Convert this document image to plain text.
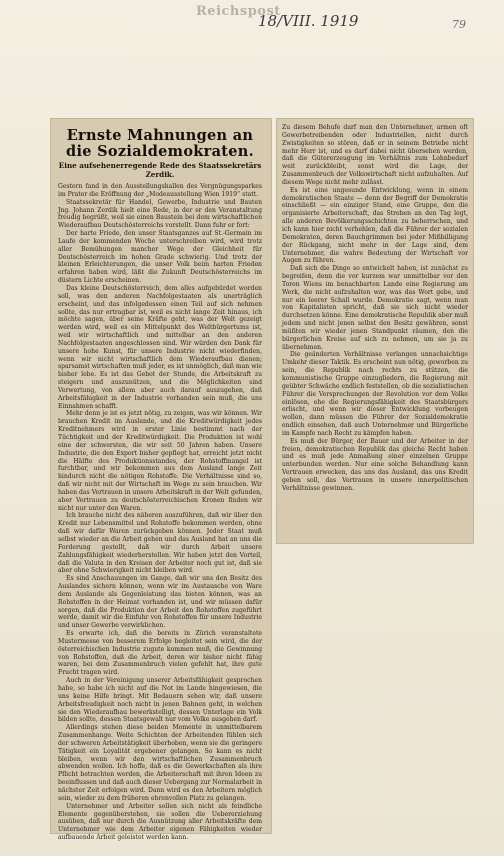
Reichspost
18/VIII. 1919	79
Ernste Mahnungen an die Sozialdemokraten.
Eine aufsehenerregende Rede des Staatssekretärs Zerdik.

Gestern fand in den Ausstellungshallen des Vergnügungsparkes im Prater die Eröffnung der „Modeausstellung Wien 1919“ statt.

Staatssekretär für Handel, Gewerbe, Industrie und Bauten Jng. Johann Zerdik hielt eine Rede, in der er den Veranstaltung freudig begrüßt, weil sie einen Baustein bei dem wirtschaftlichen Wiederaufbau Deutschösterreichs vorstellt. Dann fuhr er fort:

Der harte Friede, den unser Staatsganzes auf St.-Germain im Laufe der kommenden Woche unterschreiben wird, wird trotz aller Bemühungen mancher Wege der Gleichheit für Deutschösterreich im hohen Grade schwierig. Und trotz der kleinen Erleichterungen, die unser Volk beim harten Frieden erfahren haben wird, läßt die Zukunft Deutschösterreichs im düstern Lichte erscheinen.

Das kleine Deutschösterreich, dem alles aufgebürdet worden soll, was den anderen Nachfolgestaaten als unerträglich erscheint, und das infolgedessen einen Teil auf sich nehmen sollte, das nur ertragbar ist, weil es nicht lange Zeit hinaus, ich möchte sagen, über seine Kräfte geht, was der Welt gezeigt werden wird, weil es ein Mittelpunkt des Weltbürgertums ist, weil wir wirtschaftlich und mittelbar an den anderen Nachfolgestaaten angeschlossen sind. Wir würden den Dank für unsere hohe Kunst, für unsere Industrie nicht wiederfinden, wenn wir nicht wirtschaftlich dem Wiederaufbau dienen; sparsamst wirtschaften muß jeder, es ist unmöglich, daß man wie bisher lebe. Es ist das Gebot der Stunde, die Arbeitskraft zu steigern und auszunützen, und die Möglichkeiten sind Verwertung, von allem aber auch darauf auszugehen, daß Arbeitsfähigkeit in der Industrie vorhanden sein muß, die uns Einnahmen schafft.

Mehr denn je ist es jetzt nötig, zu zeigen, was wir können. Wir brauchen Kredit im Auslande, und die Kreditwürdigkeit jedes Kreditnehmers wird in erster Linie bestimmt nach der Tüchtigkeit und der Kreditwürdigkeit. Die Produktion ist wohl eine der schwersten, die wir seit 50 Jahren haben. Unsere Industrie, die den Export bisher gepflegt hat, erreicht jetzt nicht die Hälfte des Produktionsstandes, der Rohstoffmangel ist furchtbar, und wir bekommen aus dem Ausland lange Zeit hindurch nicht die nötigen Rohstoffe. Die Verhältnisse sind so, daß wir nicht mit der Wirtschaft im Wege zu sein brauchen. Wir haben das Vertrauen in unsere Arbeitskraft in der Welt gefunden, aber Vertrauen zu deutschösterreichischen Kronen finden wir nicht nur unter den Waren.

Ich brauche nicht des näheren auszuführen, daß wir über den Kredit nur Lebensmittel und Rohstoffe bekommen werden, ohne daß wir dafür Waren zurückgeben können. Jeder Staat muß selbst wieder an die Arbeit gehen und das Ausland hat an uns die Forderung gestellt, daß wir durch Arbeit unsere Zahlungsfähigkeit wiederherstellen. Wir haben jetzt den Vorteil, daß die Valuta in den Kreisen der Arbeiter noch gut ist, daß sie aber ohne Schwierigkeit nicht bleiben wird.

Es sind Anschauungen im Gange, daß wir uns den Besitz des Auslandes sichern können, wenn wir im Austausche von Ware dem Auslande als Gegenleistung das bieten können, was an Rohstoffen in der Heimat vorhanden ist, und wir müssen dafür sorgen, daß die Produktion der Arbeit den Rohstoffen zugeführt werde, damit wir die Einfuhr von Rohstoffen für unsere Industrie und unser Gewerbe verwirklichen.

Es erwarte ich, daß die bereits in Zürich veranstaltete Mustermesse von besserem Erfolge begleitet sein wird, die der österreichischen Industrie zugute kommen muß, die Gewinnung von Rohstoffen, daß die Arbeit, deren wir bisher nicht fähig waren, bei dem Zusammenbruch vielen gefehlt hat, ihre gute Frucht tragen wird.

Auch in der Vereinigung unserer Arbeitsfähigkeit gesprochen habe, so habe ich nicht auf die Not im Lande hingewiesen, die uns keine Hilfe bringt. Mit Bedauern sehen wir, daß unsere Arbeitsfreudigkeit noch nicht in jenen Bahnen geht, in welchen sie den Wiederaufbau bewerkstelligt, dessen Unterlage ein Volk bilden sollte, dessen Staatsgewalt nur vom Volke ausgehen darf.

Allerdings stehen diese beiden Momente in unmittelbarem Zusammenhange. Weite Schichten der Arbeitenden fühlen sich der schweren Arbeitstätigkeit überhoben, wenn sie die geringere Tätigkeit ein Loyalität ergebener gelangen. So kann es nicht bleiben, wenn wir den wirtschaftlichen Zusammenbruch abwenden wollen. Ich hoffe, daß es die Gewerkschaften als ihre Pflicht betrachten werden, die Arbeiterschaft mit ihren Ideen zu beeinflussen und daß auch dieser Uebergang zur Normalarbeit in nächster Zeit erfolgen wird. Dann wird es den Arbeitern möglich sein, wieder zu dem früheren ehrenvollen Platz zu gelangen.

Unternehmer und Arbeiter sollen sich nicht als feindliche Elemente gegenüberstehen, sie sollen die Uebererziehung ausüben, daß nur durch die Ausnützung aller Arbeitskräfte dem Unternehmer wie dem Arbeiter eigenen Fähigkeiten wieder aufbauende Arbeit geleistet werden kann.

Zu diesem Behufe darf man den Unternehmer, armen oft Gewerbetreibenden oder Industriellen, nicht durch Zwistigkeiten so stören, daß er in seinem Betriebe nicht mehr Herr ist, und es darf dabei nicht übersehen werden, daß die Gütererzeugung im Verhältnis zum Lohnbedarf weit zurückbleibt, sonst wird die Lage, der Zusammenbruch der Volkswirtschaft nicht aufzuhalten. Auf diesem Wege nicht mehr zulässt.

Es ist eine ungesunde Entwicklung, wenn in einem demokratischen Staate — denn der Begriff der Demokratie einschließt — ein einziger Stand, eine Gruppe, den die organisierte Arbeiterschaft, das Streben an den Tag legt, alle anderen Bevölkerungsschichten zu beherrschen, und ich kann hier nicht verhehlen, daß die Führer der sozialen Demokraten, deren Bauchgrimmen bei jeder Mißbilligung der Rückgang, nicht mehr in der Lage sind, dem Unternehmer, die wahre Bedeutung der Wirtschaft vor Augen zu führen.

Daß sich die Dinge so entwickelt haben, ist zunächst zu begreifen, denn die vor kurzem war unmittelbar vor den Toren Wiens im benachbarten Lande eine Regierung am Werk, die nicht aufzuhalten war, was das Wort gebe, und nur ein leerer Schall wurde. Demokratie sagt, wenn man von Kapitalisten spricht, daß sie sich nicht wieder durchsetzen könne. Eine demokratische Republik aber muß jedem und nicht jenen selbst den Besitz gewähren, sonst müßten wir wieder jenen Standpunkt räumen, den die bürgerlichen Kreise auf sich zu nehmen, um sie ja zu übernehmen.

Die geänderten Verhältnisse verlangen unnachsichtige Umkehr dieser Taktik. Es erscheint nun nötig, geworben zu sein, die Republik nach rechts zu stützen, die kommunistische Gruppe einzugliedern, die Regierung mit geübter Schwäche endlich feststellen, ob die sozialistischen Führer die Versprechungen der Revolution vor dem Volke einlösen, ehe die Regierungsfähigkeit des Staatsbürgers erlischt, und wenn wir dieser Entwicklung vorbeugen wollen, dann müssen die Führer der Sozialdemokratie endlich einsehen, daß auch Unternehmer und Bürgerliche im Kampfe nach Recht zu kämpfen haben.

Es muß der Bürger, der Bauer und der Arbeiter in der freien, demokratischen Republik das gleiche Recht haben und es muß jede Anmaßung einer einzelnen Gruppe unterbunden werden. Nur eine solche Behandlung kann Vertrauen erwecken, das uns das Ausland, das uns Kredit geben soll, das Vertrauen in unsere innerpolitischen Verhältnisse gewinnen.
